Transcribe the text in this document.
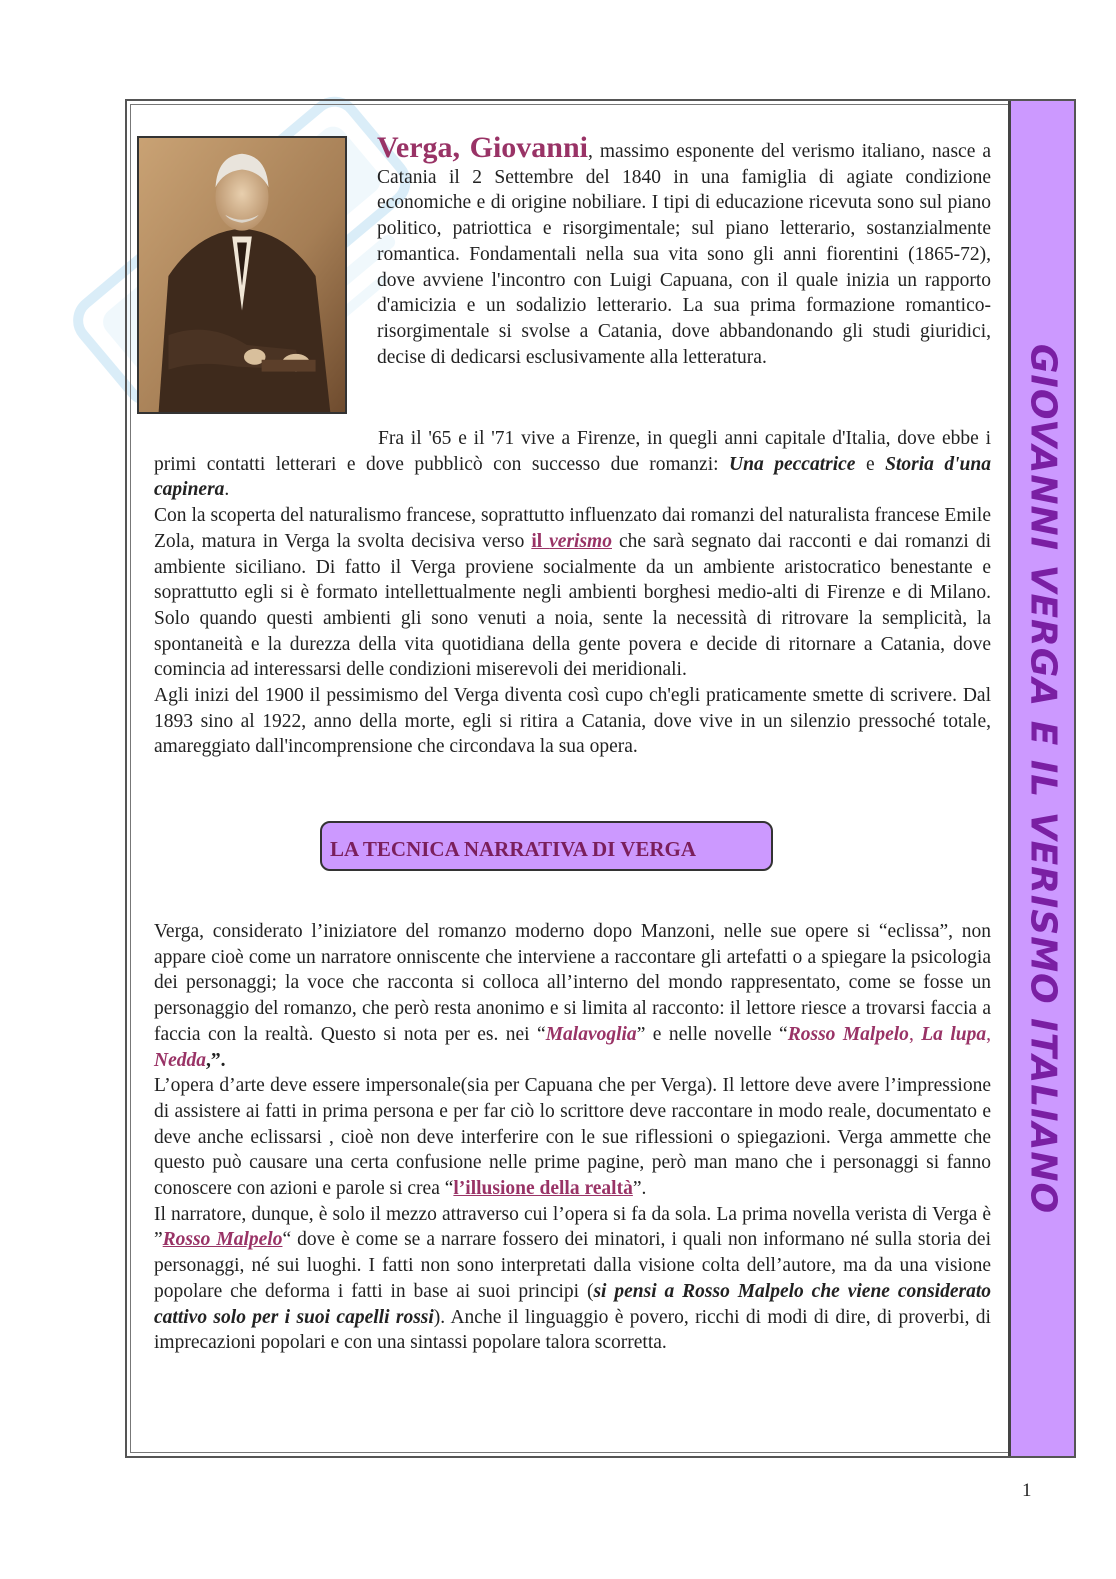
GIOVANNI VERGA E IL VERISMO ITALIANO

Verga, Giovanni, massimo esponente del verismo italiano, nasce a Catania il 2 Settembre del 1840 in una famiglia di agiate condizione economiche e di origine nobiliare. I tipi di educazione ricevuta sono sul piano politico, patriottica e risorgimentale; sul piano letterario, sostanzialmente romantica. Fondamentali nella sua vita sono gli anni fiorentini (1865-72), dove avviene l'incontro con Luigi Capuana, con il quale inizia un rapporto d'amicizia e un sodalizio letterario. La sua prima formazione romantico-risorgimentale si svolse a Catania, dove abbandonando gli studi giuridici, decise di dedicarsi esclusivamente alla letteratura.

Fra il '65 e il '71 vive a Firenze, in quegli anni capitale d'Italia, dove ebbe i primi contatti letterari e dove pubblicò con successo due romanzi: Una peccatrice e Storia d'una capinera.

Con la scoperta del naturalismo francese, soprattutto influenzato dai romanzi del naturalista francese Emile Zola, matura in Verga la svolta decisiva verso il verismo che sarà segnato dai racconti e dai romanzi di ambiente siciliano. Di fatto il Verga proviene socialmente da un ambiente aristocratico benestante e soprattutto egli si è formato intellettualmente negli ambienti borghesi medio-alti di Firenze e di Milano. Solo quando questi ambienti gli sono venuti a noia, sente la necessità di ritrovare la semplicità, la spontaneità e la durezza della vita quotidiana della gente povera e decide di ritornare a Catania, dove comincia ad interessarsi delle condizioni miserevoli dei meridionali.

Agli inizi del 1900 il pessimismo del Verga diventa così cupo ch'egli praticamente smette di scrivere. Dal 1893 sino al 1922, anno della morte, egli si ritira a Catania, dove vive in un silenzio pressoché totale, amareggiato dall'incomprensione che circondava la sua opera.

LA TECNICA NARRATIVA DI VERGA

Verga, considerato l’iniziatore del romanzo moderno dopo Manzoni, nelle sue opere si “eclissa”, non appare cioè come un narratore onniscente che interviene a raccontare gli artefatti o a spiegare la psicologia dei personaggi; la voce che racconta si colloca all’interno del mondo rappresentato, come se fosse un personaggio del romanzo, che però resta anonimo e si limita al racconto: il lettore riesce a trovarsi faccia a faccia con la realtà. Questo si nota per es. nei “Malavoglia” e nelle novelle “Rosso Malpelo, La lupa, Nedda,”.

L’opera d’arte deve essere impersonale(sia per Capuana che per Verga). Il lettore deve avere l’impressione di assistere ai fatti in prima persona e per far ciò lo scrittore deve raccontare in modo reale, documentato e deve anche eclissarsi , cioè non deve interferire con le sue riflessioni o spiegazioni. Verga ammette che questo può causare una certa confusione nelle prime pagine, però man mano che i personaggi si fanno conoscere con azioni e parole si crea “l’illusione della realtà”.

Il narratore, dunque, è solo il mezzo attraverso cui l’opera si fa da sola. La prima novella verista di Verga è ”Rosso Malpelo“ dove è come se a narrare fossero dei minatori, i quali non informano né sulla storia dei personaggi, né sui luoghi. I fatti non sono interpretati dalla visione colta dell’autore, ma da una visione popolare che deforma i fatti in base ai suoi principi (si pensi a Rosso Malpelo che viene considerato cattivo solo per i suoi capelli rossi). Anche il linguaggio è povero, ricchi di modi di dire, di proverbi, di imprecazioni popolari e con una sintassi popolare talora scorretta.

1
